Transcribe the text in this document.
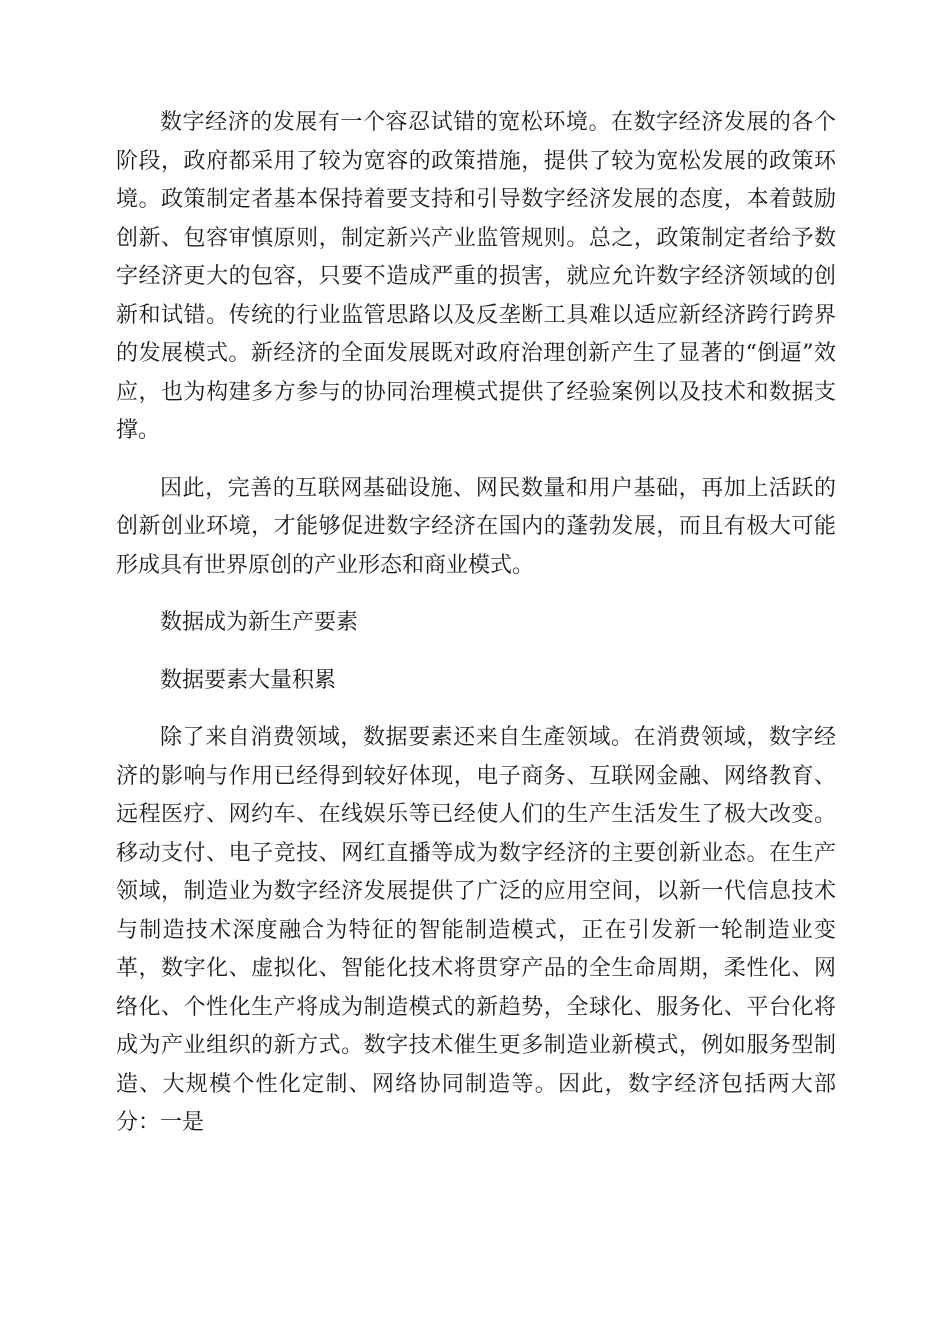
数字经济的发展有一个容忍试错的宽松环境。在数字经济发展的各个阶段，政府都采用了较为宽容的政策措施，提供了较为宽松发展的政策环境。政策制定者基本保持着要支持和引导数字经济发展的态度，本着鼓励创新、包容审慎原则，制定新兴产业监管规则。总之，政策制定者给予数字经济更大的包容，只要不造成严重的损害，就应允许数字经济领域的创新和试错。传统的行业监管思路以及反垄断工具难以适应新经济跨行跨界的发展模式。新经济的全面发展既对政府治理创新产生了显著的“倒逼”效应，也为构建多方参与的协同治理模式提供了经验案例以及技术和数据支撑。

因此，完善的互联网基础设施、网民数量和用户基础，再加上活跃的创新创业环境，才能够促进数字经济在国内的蓬勃发展，而且有极大可能形成具有世界原创的产业形态和商业模式。

数据成为新生产要素

数据要素大量积累

除了来自消费领域，数据要素还来自生產领域。在消费领域，数字经济的影响与作用已经得到较好体现，电子商务、互联网金融、网络教育、远程医疗、网约车、在线娱乐等已经使人们的生产生活发生了极大改变。移动支付、电子竞技、网红直播等成为数字经济的主要创新业态。在生产领域，制造业为数字经济发展提供了广泛的应用空间，以新一代信息技术与制造技术深度融合为特征的智能制造模式，正在引发新一轮制造业变革，数字化、虚拟化、智能化技术将贯穿产品的全生命周期，柔性化、网络化、个性化生产将成为制造模式的新趋势，全球化、服务化、平台化将成为产业组织的新方式。数字技术催生更多制造业新模式，例如服务型制造、大规模个性化定制、网络协同制造等。因此，数字经济包括两大部分：一是
